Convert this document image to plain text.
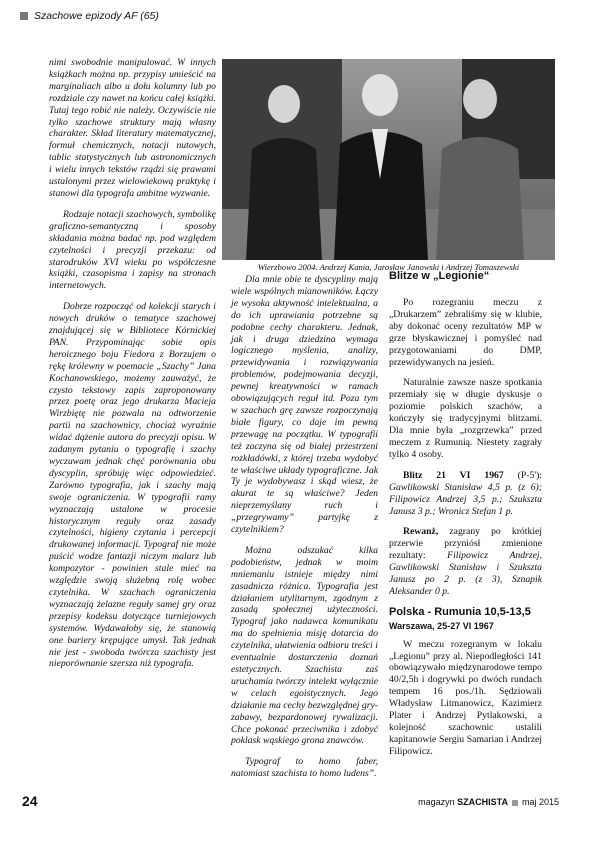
Szachowe epizody AF (65)

nimi swobodnie manipulować. W innych książkach można np. przypisy umieścić na marginaliach albo u dołu kolumny lub po rozdziale czy nawet na końcu całej książki. Tutaj tego robić nie należy. Oczywiście nie tylko szachowe struktury mają własny charakter. Skład literatury matematycznej, formuł chemicznych, notacji nutowych, tablic statystycznych lub astronomicznych i wielu innych tekstów rządzi się prawami ustalonymi przez wielowiekową praktykę i stanowi dla typografa ambitne wyzwanie.

Rodzaje notacji szachowych, symbolikę graficzno-semantyczną i sposoby składania można badać np. pod względem czytelności i precyzji przekazu: od starodruków XVI wieku po współczesne książki, czasopisma i zapisy na stronach internetowych.

Dobrze rozpocząć od kolekcji starych i nowych druków o tematyce szachowej znajdującej się w Bibliotece Kórnickiej PAN. Przypominając sobie opis heroicznego boju Fiedora z Borzujem o rękę królewny w poemacie „Szachy” Jana Kochanowskiego, możemy zauważyć, że czysto tekstowy zapis zaproponowany przez poetę oraz jego drukarza Macieja Wirzbiętę nie pozwala na odtworzenie partii na szachownicy, chociaż wyraźnie widać dążenie autora do precyzji opisu. W zadanym pytaniu o typografię i szachy wyczuwam jednak chęć porównania obu dyscyplin, spróbuję więc odpowiedzieć. Zarówno typografia, jak i szachy mają swoje ograniczenia. W typografii ramy wyznaczają ustalone w procesie historycznym reguły oraz zasady czytelności, higieny czytania i percepcji drukowanej informacji. Typograf nie może puścić wodze fantazji niczym malarz lub kompozytor - powinien stale mieć na względzie swoją służebną rolę wobec czytelnika. W szachach ograniczenia wyznaczają żelazne reguły samej gry oraz przepisy kodeksu dotyczące turniejowych systemów. Wydawałoby się, że stanowią one bariery krępujące umysł. Tak jednak nie jest - swoboda twórcza szachisty jest nieporównanie szersza niż typografa.

Wierzbowo 2004. Andrzej Kania, Jarosław Janowski i Andrzej Tomaszewski

Dla mnie obie te dyscypliny mają wiele wspólnych mianowników. Łączy je wysoka aktywność intelektualna, a do ich uprawiania potrzebne są podobne cechy charakteru. Jednak, jak i druga dziedzina wymaga logicznego myślenia, analizy, przewidywania i rozwiązywania problemów, podejmowania decyzji, pewnej kreatywności w ramach obowiązujących reguł itd. Poza tym w szachach grę zawsze rozpoczynają białe figury, co daje im pewną przewagę na początku. W typografii też zaczyna się od białej przestrzeni rozkładówki, z której trzeba wydobyć te właściwe układy typograficzne. Jak Ty je wydobywasz i skąd wiesz, że akurat te są właściwe? Jeden nieprzemyślany ruch i „przegrywamy” partyjkę z czytelnikiem?

Można odszukać kilka podobieństw, jednak w moim mniemaniu istnieje między nimi zasadnicza różnica. Typografia jest działaniem utylitarnym, zgodnym z zasadą społecznej użyteczności. Typograf jako nadawca komunikatu ma do spełnienia misję dotarcia do czytelnika, ułatwienia odbioru treści i eventualnie dostarczenia doznań estetycznych. Szachista zaś uruchamia twórczy intelekt wyłącznie w celach egoistycznych. Jego działanie ma cechy bezwzględnej gry-zabawy, bezpardonowej rywalizacji. Chce pokonać przeciwnika i zdobyć poklask wąskiego grona znawców.

Typograf to homo faber, natomiast szachista to homo ludens”.

Blitze w „Legionie“

Po rozegraniu meczu z „Drukarzem” zebraliśmy się w klubie, aby dokonać oceny rezultatów MP w grze błyskawicznej i pomyśleć nad przygotowaniami do DMP, przewidywanych na jesień.

Naturalnie zawsze nasze spotkania przemiały się w długie dyskusje o poziomie polskich szachów, a kończyły się tradycyjnymi blitzami. Dla mnie była „rozgrzewka” przed meczem z Rumunią. Niestety zagrały tylko 4 osoby.

Blitz 21 VI 1967 (P-5'): Gawlikowski Stanisław 4,5 p. (z 6); Filipowicz Andrzej 3,5 p.; Szukszta Janusz 3 p.; Wronicz Stefan 1 p.

Rewanż, zagrany po krótkiej przerwie przyniósł zmienione rezultaty: Filipowicz Andrzej, Gawlikowski Stanisław i Szukszta Janusz po 2 p. (z 3), Sznapik Aleksander 0 p.

Polska - Rumunia 10,5-13,5
Warszawa, 25-27 VI 1967

W meczu rozegranym w lokalu „Legionu” przy al. Niepodległości 141 obowiązywało międzynarodowe tempo 40/2,5h i dogrywki po dwóch rundach tempem 16 pos./1h. Sędziowali Władysław Litmanowicz, Kazimierz Plater i Andrzej Pytlakowski, a kolejność szachownic ustalili kapitanowie Sergiu Samarian i Andrzej Filipowicz.

24	magazyn SZACHISTA maj 2015
